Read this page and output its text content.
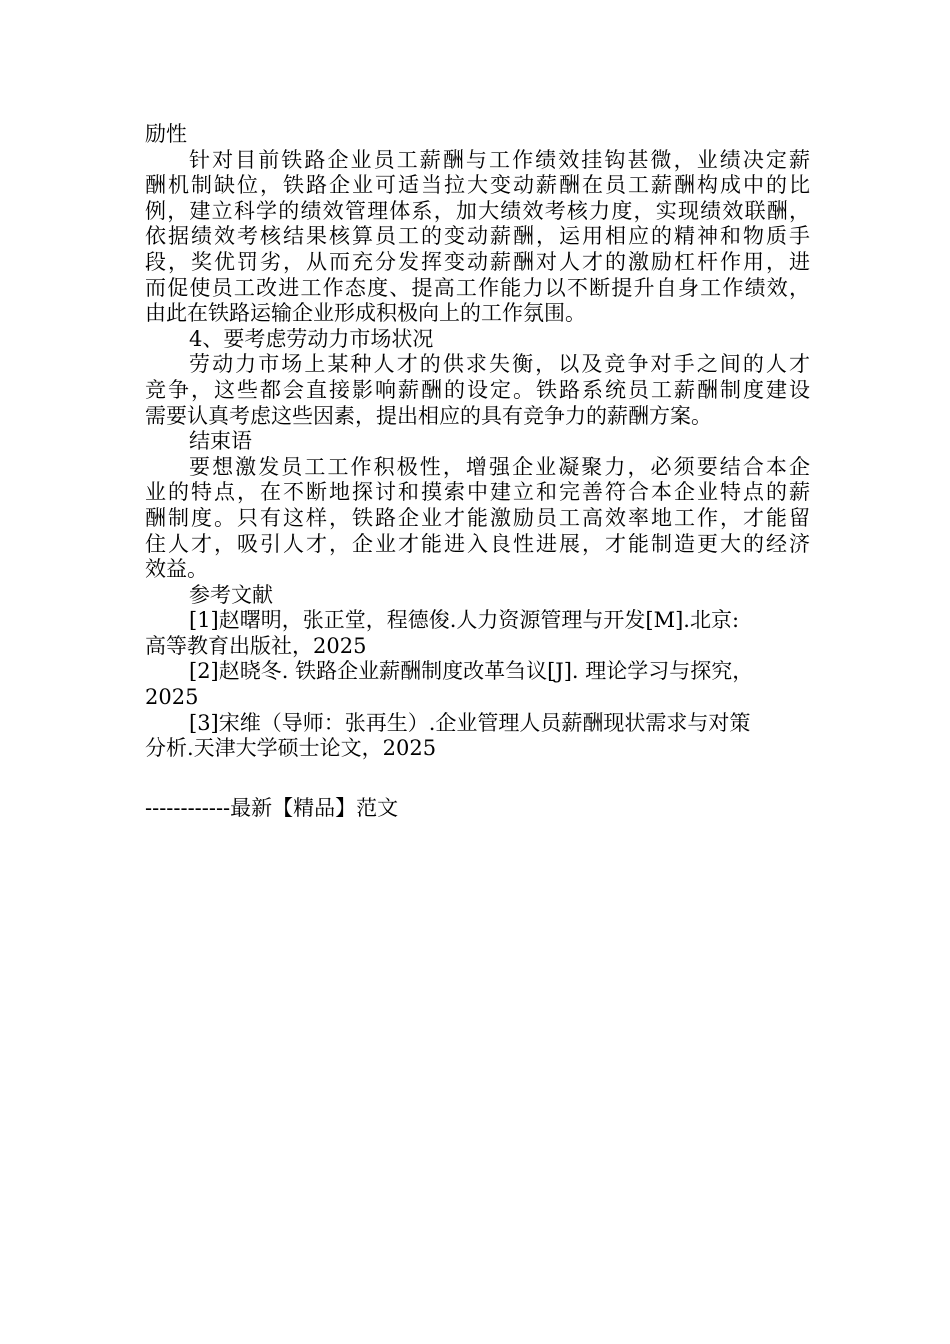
励性
针对目前铁路企业员工薪酬与工作绩效挂钩甚微，业绩决定薪
酬机制缺位，铁路企业可适当拉大变动薪酬在员工薪酬构成中的比
例，建立科学的绩效管理体系，加大绩效考核力度，实现绩效联酬，
依据绩效考核结果核算员工的变动薪酬，运用相应的精神和物质手
段，奖优罚劣，从而充分发挥变动薪酬对人才的激励杠杆作用，进
而促使员工改进工作态度、提高工作能力以不断提升自身工作绩效，
由此在铁路运输企业形成积极向上的工作氛围。
4、要考虑劳动力市场状况
劳动力市场上某种人才的供求失衡，以及竞争对手之间的人才
竞争，这些都会直接影响薪酬的设定。铁路系统员工薪酬制度建设
需要认真考虑这些因素，提出相应的具有竞争力的薪酬方案。
结束语
要想激发员工工作积极性，增强企业凝聚力，必须要结合本企
业的特点，在不断地探讨和摸索中建立和完善符合本企业特点的薪
酬制度。只有这样，铁路企业才能激励员工高效率地工作，才能留
住人才，吸引人才，企业才能进入良性进展，才能制造更大的经济
效益。
参考文献
[1]赵曙明，张正堂，程德俊.人力资源管理与开发[M].北京:
高等教育出版社，2025
[2]赵晓冬. 铁路企业薪酬制度改革刍议[J]. 理论学习与探究，
2025
[3]宋维（导师：张再生）.企业管理人员薪酬现状需求与对策
分析.天津大学硕士论文，2025
------------最新【精品】范文
